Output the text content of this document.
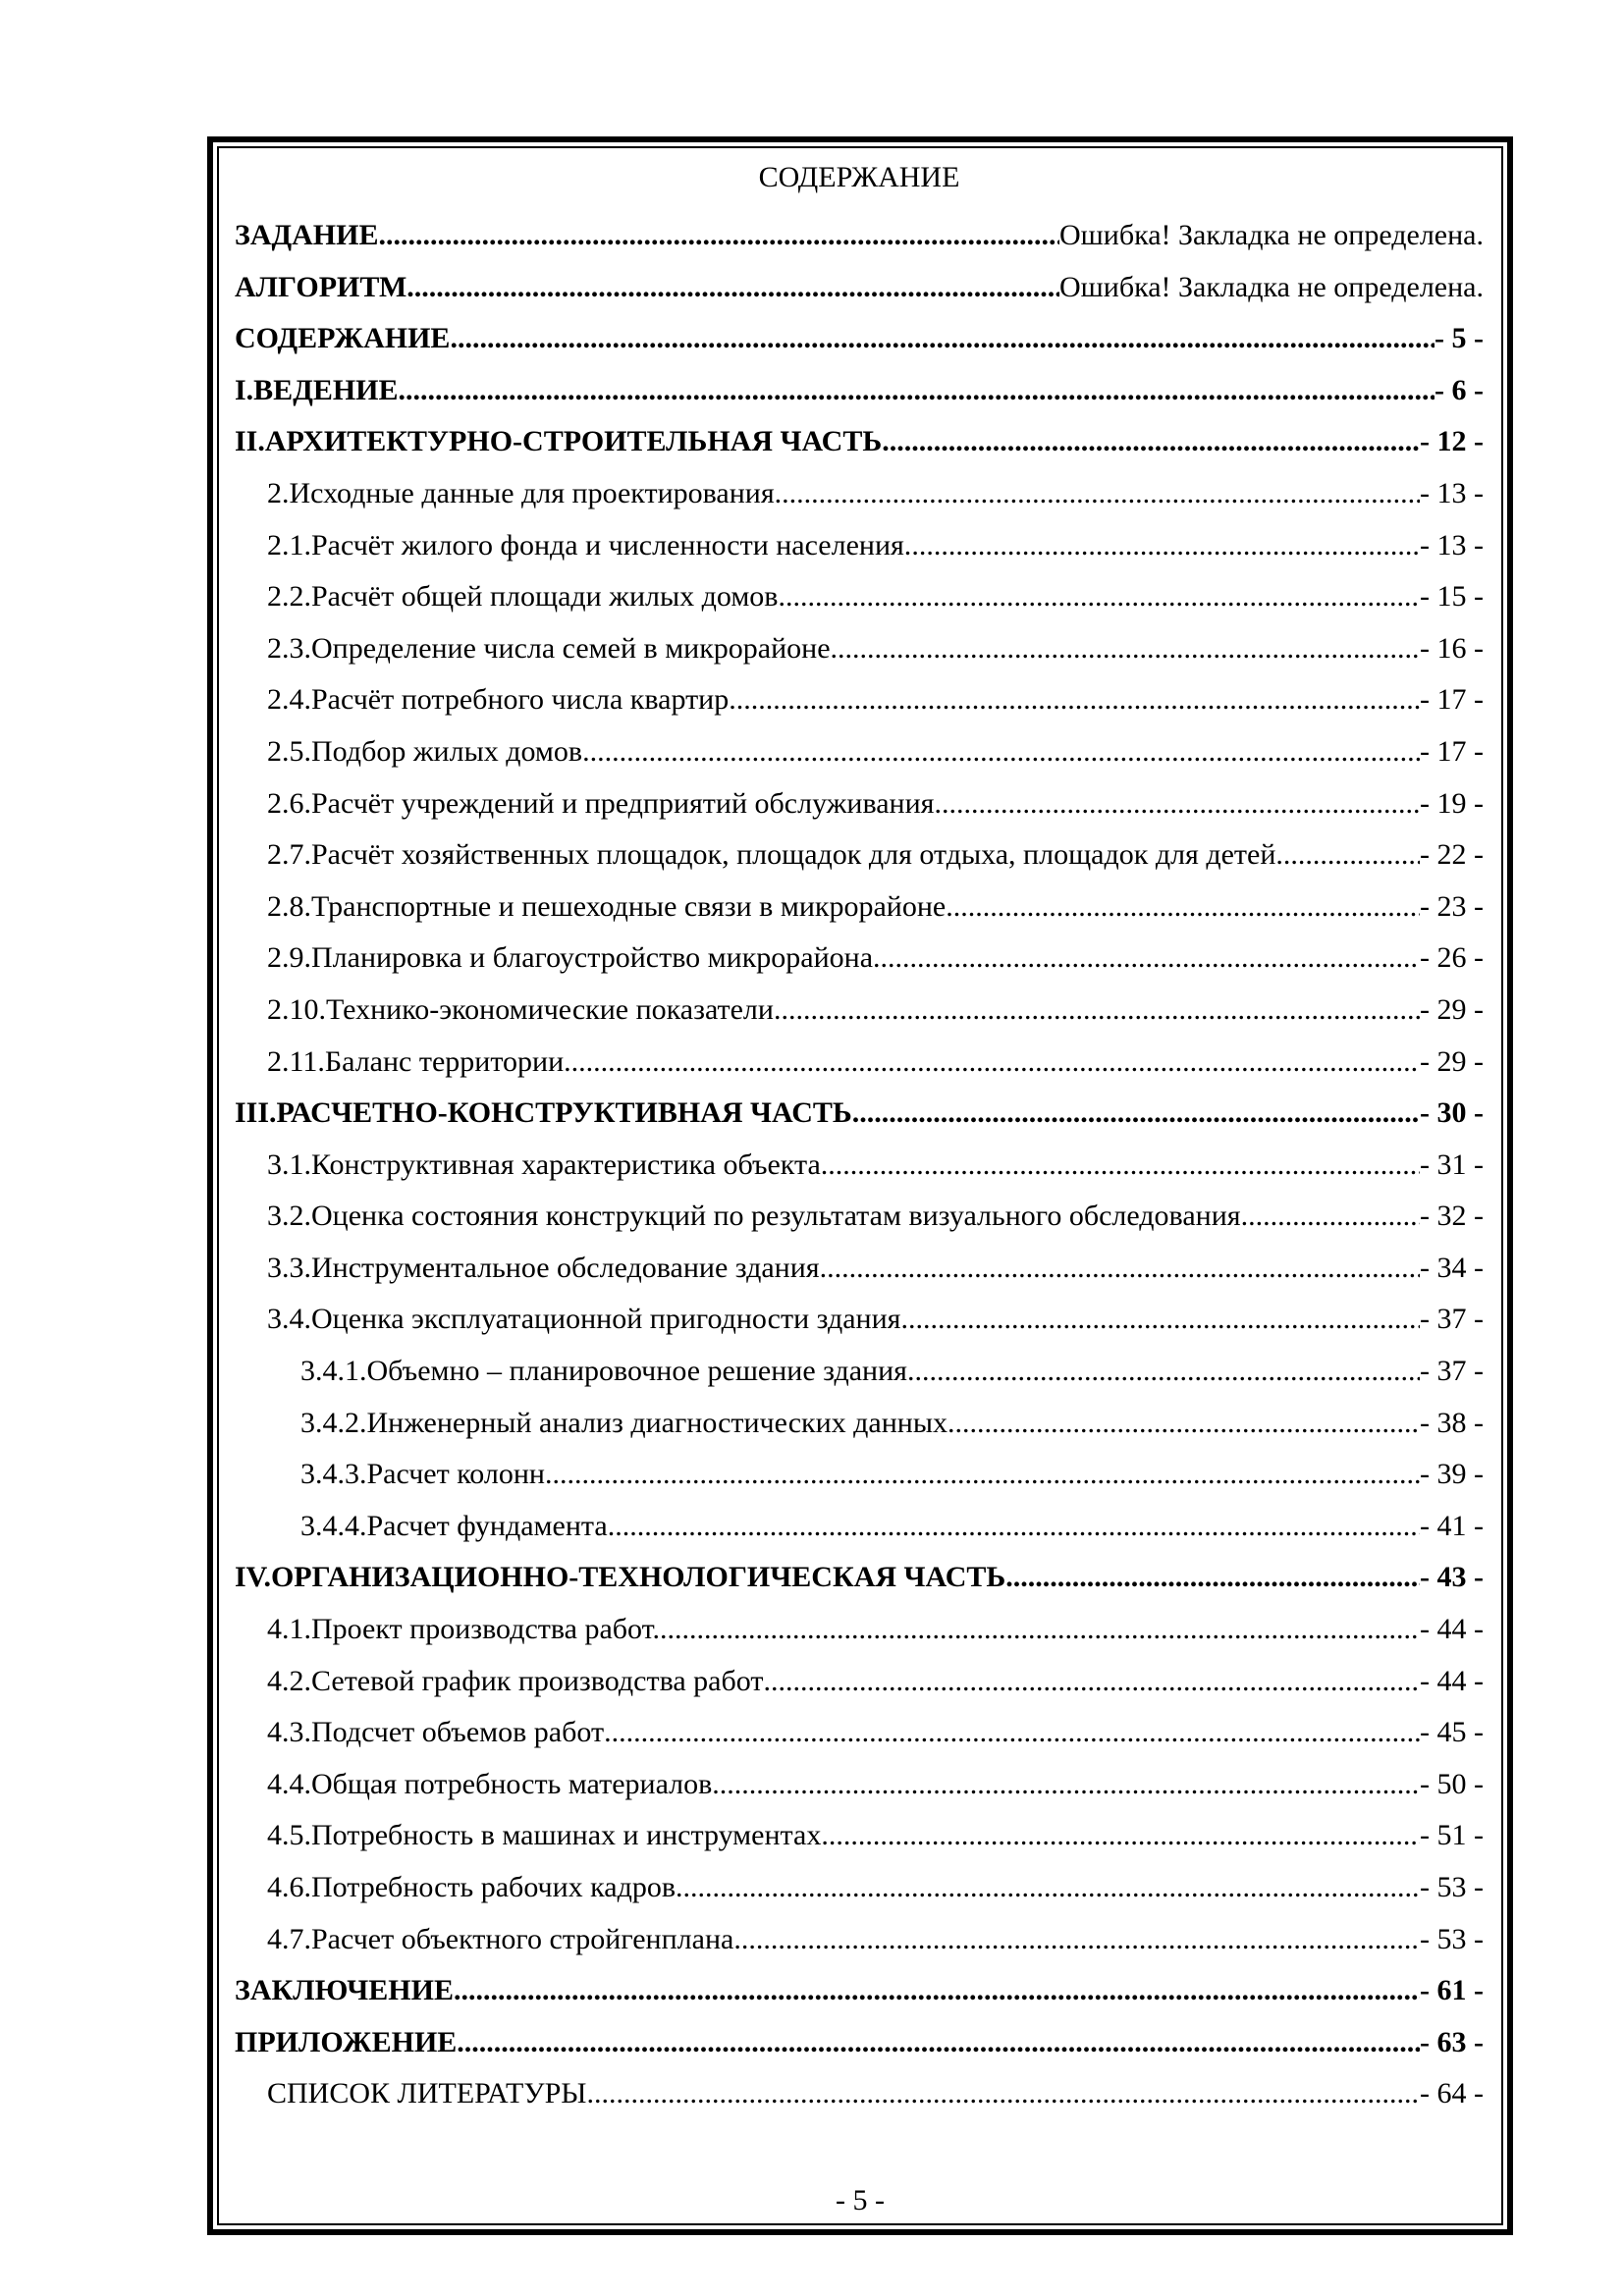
СОДЕРЖАНИЕ
ЗАДАНИЕ .....	Ошибка! Закладка не определена.
АЛГОРИТМ .....	Ошибка! Закладка не определена.
СОДЕРЖАНИЕ .....	- 5 -
I.ВЕДЕНИЕ .....	- 6 -
II.АРХИТЕКТУРНО-СТРОИТЕЛЬНАЯ ЧАСТЬ .....	- 12 -
2.Исходные данные для проектирования. .....	- 13 -
2.1.Расчёт жилого фонда и численности населения. .....	- 13 -
2.2.Расчёт общей площади жилых домов .....	- 15 -
2.3.Определение числа семей в микрорайоне .....	- 16 -
2.4.Расчёт потребного числа квартир .....	- 17 -
2.5.Подбор жилых домов .....	- 17 -
2.6.Расчёт учреждений и предприятий обслуживания. .....	- 19 -
2.7.Расчёт хозяйственных площадок, площадок для отдыха, площадок для детей. .....	- 22 -
2.8.Транспортные и пешеходные связи в микрорайоне .....	- 23 -
2.9.Планировка и благоустройство микрорайона. .....	- 26 -
2.10.Технико-экономические показатели .....	- 29 -
2.11.Баланс территории. .....	- 29 -
III.РАСЧЕТНО-КОНСТРУКТИВНАЯ ЧАСТЬ .....	- 30 -
3.1.Конструктивная характеристика объекта .....	- 31 -
3.2.Оценка состояния конструкций по результатам визуального обследования .....	- 32 -
3.3.Инструментальное обследование здания .....	- 34 -
3.4.Оценка эксплуатационной пригодности здания .....	- 37 -
3.4.1.Объемно – планировочное решение здания .....	- 37 -
3.4.2.Инженерный анализ диагностических данных .....	- 38 -
3.4.3.Расчет колонн. .....	- 39 -
3.4.4.Расчет фундамента .....	- 41 -
IV.ОРГАНИЗАЦИОННО-ТЕХНОЛОГИЧЕСКАЯ ЧАСТЬ .....	- 43 -
4.1.Проект производства работ. .....	- 44 -
4.2.Сетевой график производства работ .....	- 44 -
4.3.Подсчет объемов работ .....	- 45 -
4.4.Общая потребность материалов .....	- 50 -
4.5.Потребность в машинах и инструментах .....	- 51 -
4.6.Потребность рабочих кадров .....	- 53 -
4.7.Расчет объектного стройгенплана .....	- 53 -
ЗАКЛЮЧЕНИЕ .....	- 61 -
ПРИЛОЖЕНИЕ .....	- 63 -
СПИСОК ЛИТЕРАТУРЫ .....	- 64 -
- 5 -
